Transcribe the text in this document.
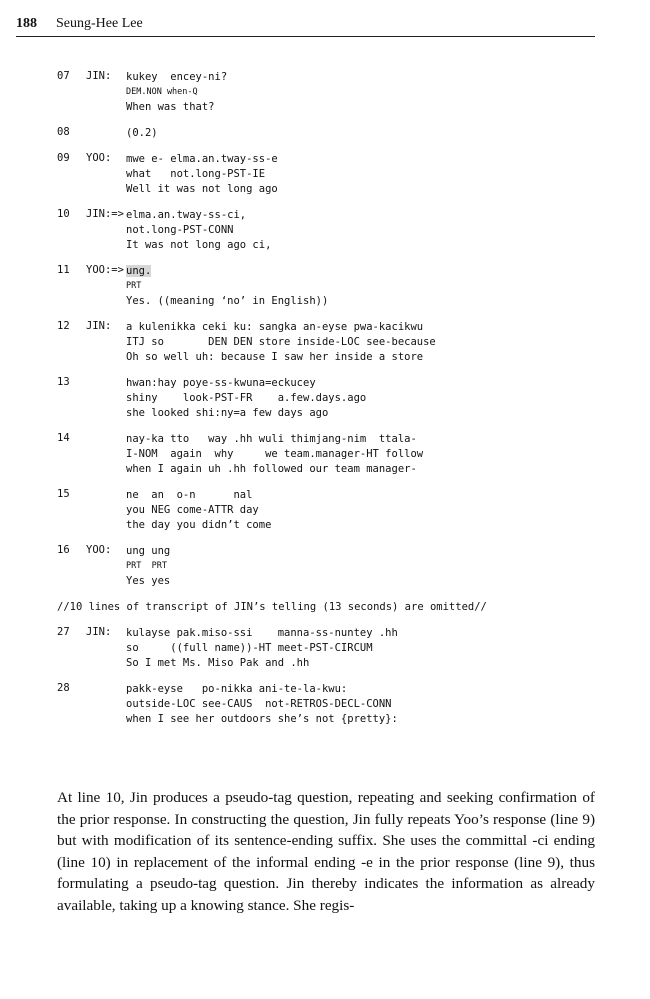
188 Seung-Hee Lee
07	JIN:	kukey  encey-ni?
DEM.NON when-Q
When was that?
08	(0.2)
09	YOO:	mwe e- elma.an.tway-ss-e
what   not.long-PST-IE
Well it was not long ago
10	JIN:=> elma.an.tway-ss-ci,
not.long-PST-CONN
It was not long ago ci,
11	YOO:=> ung.
PRT
Yes. ((meaning ‘no’ in English))
12	JIN:	a kulenikka ceki ku: sangka an-eyse pwa-kacikwu
ITJ so       DEN DEN store inside-LOC see-because
Oh so well uh: because I saw her inside a store
13	hwan:hay poye-ss-kwuna=eckucey
shiny    look-PST-FR    a.few.days.ago
she looked shi:ny=a few days ago
14	nay-ka tto   way .hh wuli thimjang-nim  ttala-
I-NOM  again  why     we team.manager-HT follow
when I again uh .hh followed our team manager-
15	ne  an  o-n      nal
you NEG come-ATTR day
the day you didn’t come
16	YOO:	ung ung
PRT  PRT
Yes yes
//10 lines of transcript of JIN’s telling (13 seconds) are omitted//
27	JIN:	kulayse pak.miso-ssi    manna-ss-nuntey .hh
so     ((full name))-HT meet-PST-CIRCUM
So I met Ms. Miso Pak and .hh
28	pakk-eyse   po-nikka ani-te-la-kwu:
outside-LOC see-CAUS  not-RETROS-DECL-CONN
when I see her outdoors she’s not {pretty}:

At line 10, Jin produces a pseudo-tag question, repeating and seeking confirmation of the prior response. In constructing the question, Jin fully repeats Yoo’s response (line 9) but with modification of its sentence-ending suffix. She uses the committal -ci ending (line 10) in replacement of the informal ending -e in the prior response (line 9), thus formulating a pseudo-tag question. Jin thereby indicates the information as already available, taking up a knowing stance. She regis-
